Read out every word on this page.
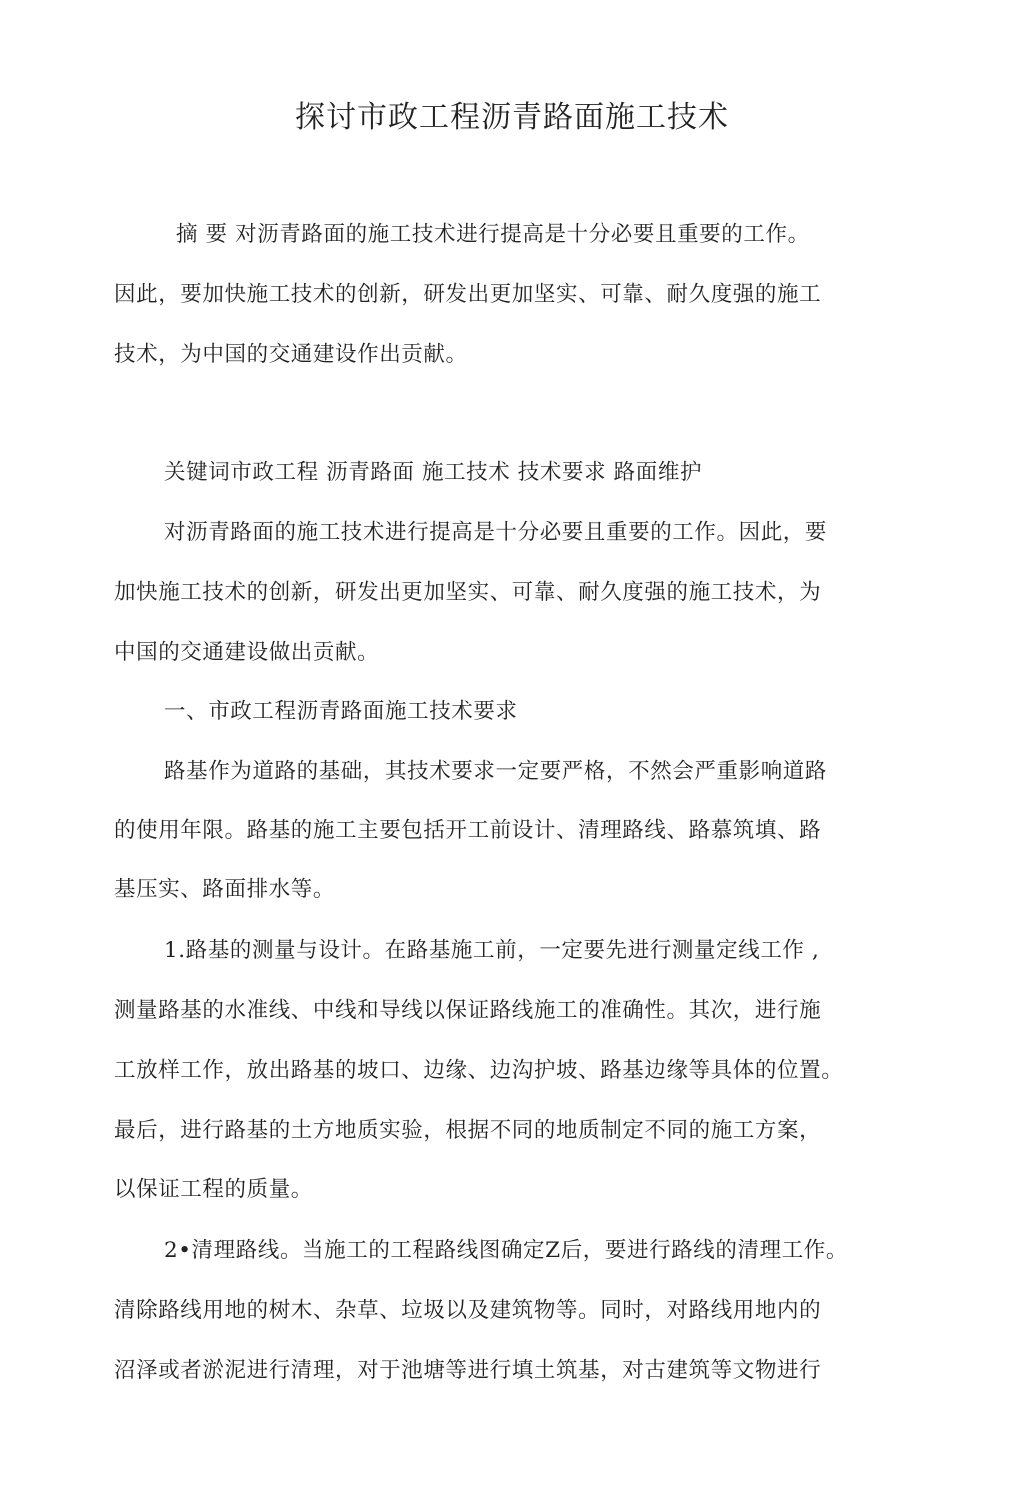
探讨市政工程沥青路面施工技术
摘 要 对沥青路面的施工技术进行提高是十分必要且重要的工作。
因此，要加快施工技术的创新，研发出更加坚实、可靠、耐久度强的施工
技术，为中国的交通建设作出贡献。
关键词市政工程 沥青路面 施工技术 技术要求 路面维护
对沥青路面的施工技术进行提高是十分必要且重要的工作。因此，要
加快施工技术的创新，研发出更加坚实、可靠、耐久度强的施工技术，为
中国的交通建设做出贡献。
一、市政工程沥青路面施工技术要求
路基作为道路的基础，其技术要求一定要严格，不然会严重影响道路
的使用年限。路基的施工主要包括开工前设计、清理路线、路慕筑填、路
基压实、路面排水等。
1.路基的测量与设计。在路基施工前，一定要先进行测量定线工作 ,
测量路基的水准线、中线和导线以保证路线施工的准确性。其次，进行施
工放样工作，放出路基的坡口、边缘、边沟护坡、路基边缘等具体的位置。
最后，进行路基的土方地质实验，根据不同的地质制定不同的施工方案，
以保证工程的质量。
2•清理路线。当施工的工程路线图确定Z后，要进行路线的清理工作。
清除路线用地的树木、杂草、垃圾以及建筑物等。同时，对路线用地内的
沼泽或者淤泥进行清理，对于池塘等进行填土筑基，对古建筑等文物进行
